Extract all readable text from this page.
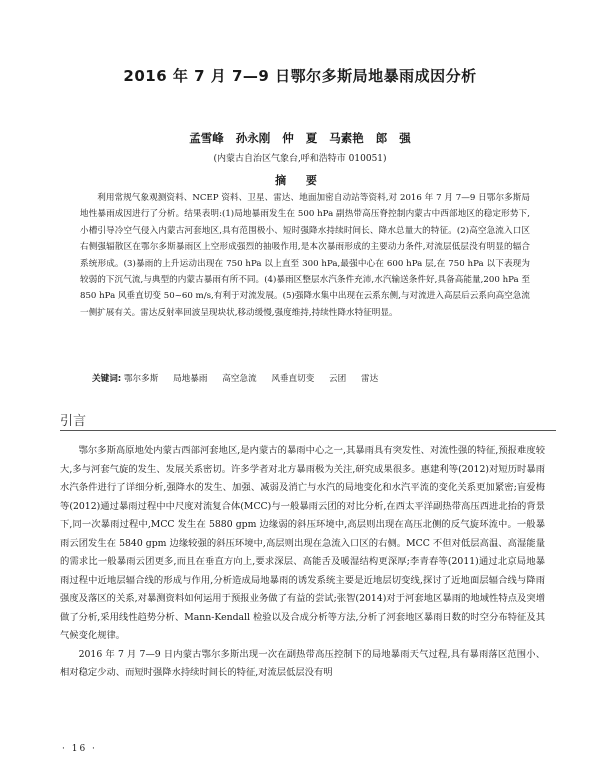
2016 年 7 月 7—9 日鄂尔多斯局地暴雨成因分析
孟雪峰 孙永刚 仲 夏 马素艳 郎 强
(内蒙古自治区气象台,呼和浩特市 010051)
摘 要
利用常规气象观测资料、NCEP 资料、卫星、雷达、地面加密自动站等资料,对 2016 年 7 月 7—9 日鄂尔多斯局地性暴雨成因进行了分析。结果表明:(1)局地暴雨发生在 500 hPa 副热带高压脊控制内蒙古中西部地区的稳定形势下,小槽引导冷空气侵入内蒙古河套地区,具有范围极小、短时强降水持续时间长、降水总量大的特征。(2)高空急流入口区右侧强辐散区在鄂尔多斯暴雨区上空形成强烈的抽吸作用,是本次暴雨形成的主要动力条件,对流层低层没有明显的辐合系统形成。(3)暴雨的上升运动出现在 750 hPa 以上直至 300 hPa,最强中心在 600 hPa 层,在 750 hPa 以下表现为较弱的下沉气流,与典型的内蒙古暴雨有所不同。(4)暴雨区整层水汽条件充沛,水汽输送条件好,具备高能量,200 hPa 至 850 hPa 风垂直切变 50~60 m/s,有利于对流发展。(5)强降水集中出现在云系东侧,与对流进入高层后云系向高空急流一侧扩展有关。雷达反射率回波呈现块状,移动缓慢,强度维持,持续性降水特征明显。
关键词: 鄂尔多斯 局地暴雨 高空急流 风垂直切变 云团 雷达
引言

鄂尔多斯高原地处内蒙古西部河套地区,是内蒙古的暴雨中心之一,其暴雨具有突发性、对流性强的特征,预报难度较大,多与河套气旋的发生、发展关系密切。许多学者对北方暴雨极为关注,研究成果很多。惠建利等(2012)对短历时暴雨水汽条件进行了详细分析,强降水的发生、加强、减弱及消亡与水汽的局地变化和水汽平流的变化关系更加紧密;盲爱梅等(2012)通过暴雨过程中中尺度对流复合体(MCC)与一般暴雨云团的对比分析,在西太平洋副热带高压西进北抬的背景下,同一次暴雨过程中,MCC 发生在 5880 gpm 边缘弱的斜压环境中,高层则出现在高压北侧的反气旋环流中。一般暴雨云团发生在 5840 gpm 边缘较强的斜压环境中,高层则出现在急流入口区的右侧。MCC 不但对低层高温、高湿能量的需求比一般暴雨云团更多,而且在垂直方向上,要求深层、高能舌及暖湿结构更深厚;李青春等(2011)通过北京局地暴雨过程中近地层辐合线的形成与作用,分析造成局地暴雨的诱发系统主要是近地层切变线,探讨了近地面层辐合线与降雨强度及落区的关系,对暴测资料如何运用于预报业务做了有益的尝试;张智(2014)对于河套地区暴雨的地域性特点及突增做了分析,采用线性趋势分析、Mann-Kendall 检验以及合成分析等方法,分析了河套地区暴雨日数的时空分布特征及其气候变化规律。

2016 年 7 月 7—9 日内蒙古鄂尔多斯出现一次在副热带高压控制下的局地暴雨天气过程,具有暴雨落区范围小、相对稳定少动、而短时强降水持续时间长的特征,对流层低层没有明

· 16 ·
